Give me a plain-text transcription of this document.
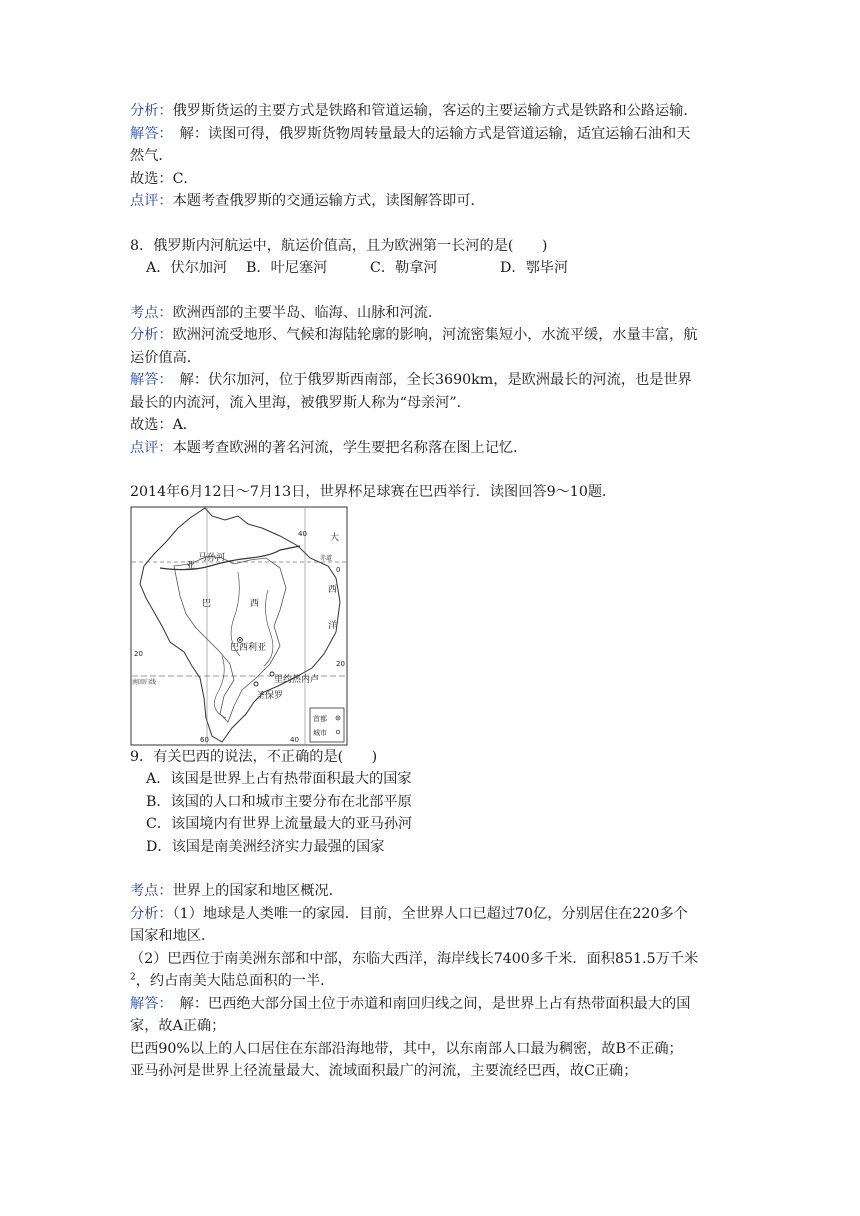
分析：俄罗斯货运的主要方式是铁路和管道运输，客运的主要运输方式是铁路和公路运输．
解答：　解：读图可得，俄罗斯货物周转量最大的运输方式是管道运输，适宜运输石油和天
然气．
故选：C．
点评：本题考查俄罗斯的交通运输方式，读图解答即可．
8．俄罗斯内河航运中，航运价值高，且为欧洲第一长河的是(　　)
A．伏尔加河 B．叶尼塞河	C．勒拿河	D．鄂毕河
考点：欧洲西部的主要半岛、临海、山脉和河流．
分析：欧洲河流受地形、气候和海陆轮廓的影响，河流密集短小，水流平缓，水量丰富，航
运价值高．
解答：　解：伏尔加河，位于俄罗斯西南部，全长3690km，是欧洲最长的河流，也是世界
最长的内流河，流入里海，被俄罗斯人称为“母亲河”．
故选：A．
点评：本题考查欧洲的著名河流，学生要把名称落在图上记忆．
2014年6月12日～7月13日，世界杯足球赛在巴西举行．读图回答9～10题．
马孙河
亚
巴	西
巴西利亚
里约热内卢
圣保罗
大
西
洋
赤道
南回归线
40
60	40
0
20
20
首都
城市
9．有关巴西的说法，不正确的是(　　)
A．该国是世界上占有热带面积最大的国家
B．该国的人口和城市主要分布在北部平原
C．该国境内有世界上流量最大的亚马孙河
D．该国是南美洲经济实力最强的国家
考点：世界上的国家和地区概况．
分析：（1）地球是人类唯一的家园．目前，全世界人口已超过70亿，分别居住在220多个
国家和地区．
（2）巴西位于南美洲东部和中部，东临大西洋，海岸线长7400多千米．面积851.5万千米
$^2$，约占南美大陆总面积的一半．
解答：　解：巴西绝大部分国土位于赤道和南回归线之间，是世界上占有热带面积最大的国
家，故A正确；
巴西90%以上的人口居住在东部沿海地带，其中，以东南部人口最为稠密，故B不正确；
亚马孙河是世界上径流量最大、流域面积最广的河流，主要流经巴西，故C正确；
